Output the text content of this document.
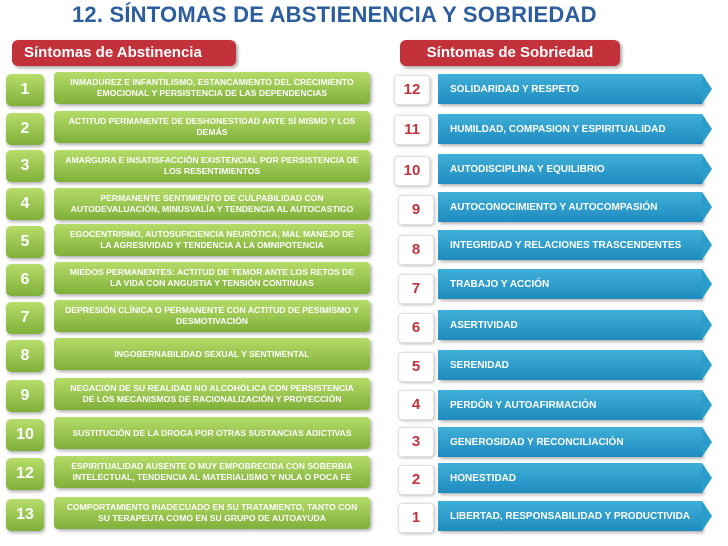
12. SÍNTOMAS DE ABSTIENENCIA Y SOBRIEDAD
Síntomas de Abstinencia	Síntomas de Sobriedad
1	INMADUREZ E INFANTILISMO, ESTANCAMIENTO DEL CRECIMIENTO EMOCIONAL Y PERSISTENCIA DE LAS DEPENDENCIAS
2	ACTITUD PERMANENTE DE DESHONESTIDAD ANTE SÍ MISMO Y LOS DEMÁS
3	AMARGURA E INSATISFACCIÓN EXISTENCIAL POR PERSISTENCIA DE LOS RESENTIMIENTOS
4	PERMANENTE SENTIMIENTO DE CULPABILIDAD CON AUTODEVALUACIÓN, MINUSVALÍA Y TENDENCIA AL AUTOCASTIGO
5	EGOCENTRISMO, AUTOSUFICIENCIA NEURÓTICA, MAL MANEJO DE LA AGRESIVIDAD Y TENDENCIA A LA OMNIPOTENCIA
6	MIEDOS PERMANENTES: ACTITUD DE TEMOR ANTE LOS RETOS DE LA VIDA CON ANGUSTIA Y TENSIÓN CONTINUAS
7	DEPRESIÓN CLÍNICA O PERMANENTE CON ACTITUD DE PESIMISMO Y DESMOTIVACIÓN
8	INGOBERNABILIDAD SEXUAL Y SENTIMENTAL
9	NEGACIÓN DE SU REALIDAD NO ALCOHÓLICA CON PERSISTENCIA DE LOS MECANISMOS DE RACIONALIZACIÓN Y PROYECCIÓN
10	SUSTITUCIÓN DE LA DROGA POR OTRAS SUSTANCIAS ADICTIVAS
12	ESPIRITUALIDAD AUSENTE O MUY EMPOBRECIDA CON SOBERBIA INTELECTUAL, TENDENCIA AL MATERIALISMO Y NULA O POCA FE
13	COMPORTAMIENTO INADECUADO EN SU TRATAMIENTO, TANTO CON SU TERAPEUTA COMO EN SU GRUPO DE AUTOAYUDA
12	SOLIDARIDAD Y RESPETO
11	HUMILDAD, COMPASION Y ESPIRITUALIDAD
10	AUTODISCIPLINA Y EQUILIBRIO
9	AUTOCONOCIMIENTO Y AUTOCOMPASIÓN
8	INTEGRIDAD Y RELACIONES TRASCENDENTES
7	TRABAJO Y ACCIÓN
6	ASERTIVIDAD
5	SERENIDAD
4	PERDÓN Y AUTOAFIRMACIÓN
3	GENEROSIDAD Y RECONCILIACIÓN
2	HONESTIDAD
1	LIBERTAD, RESPONSABILIDAD Y PRODUCTIVIDA
